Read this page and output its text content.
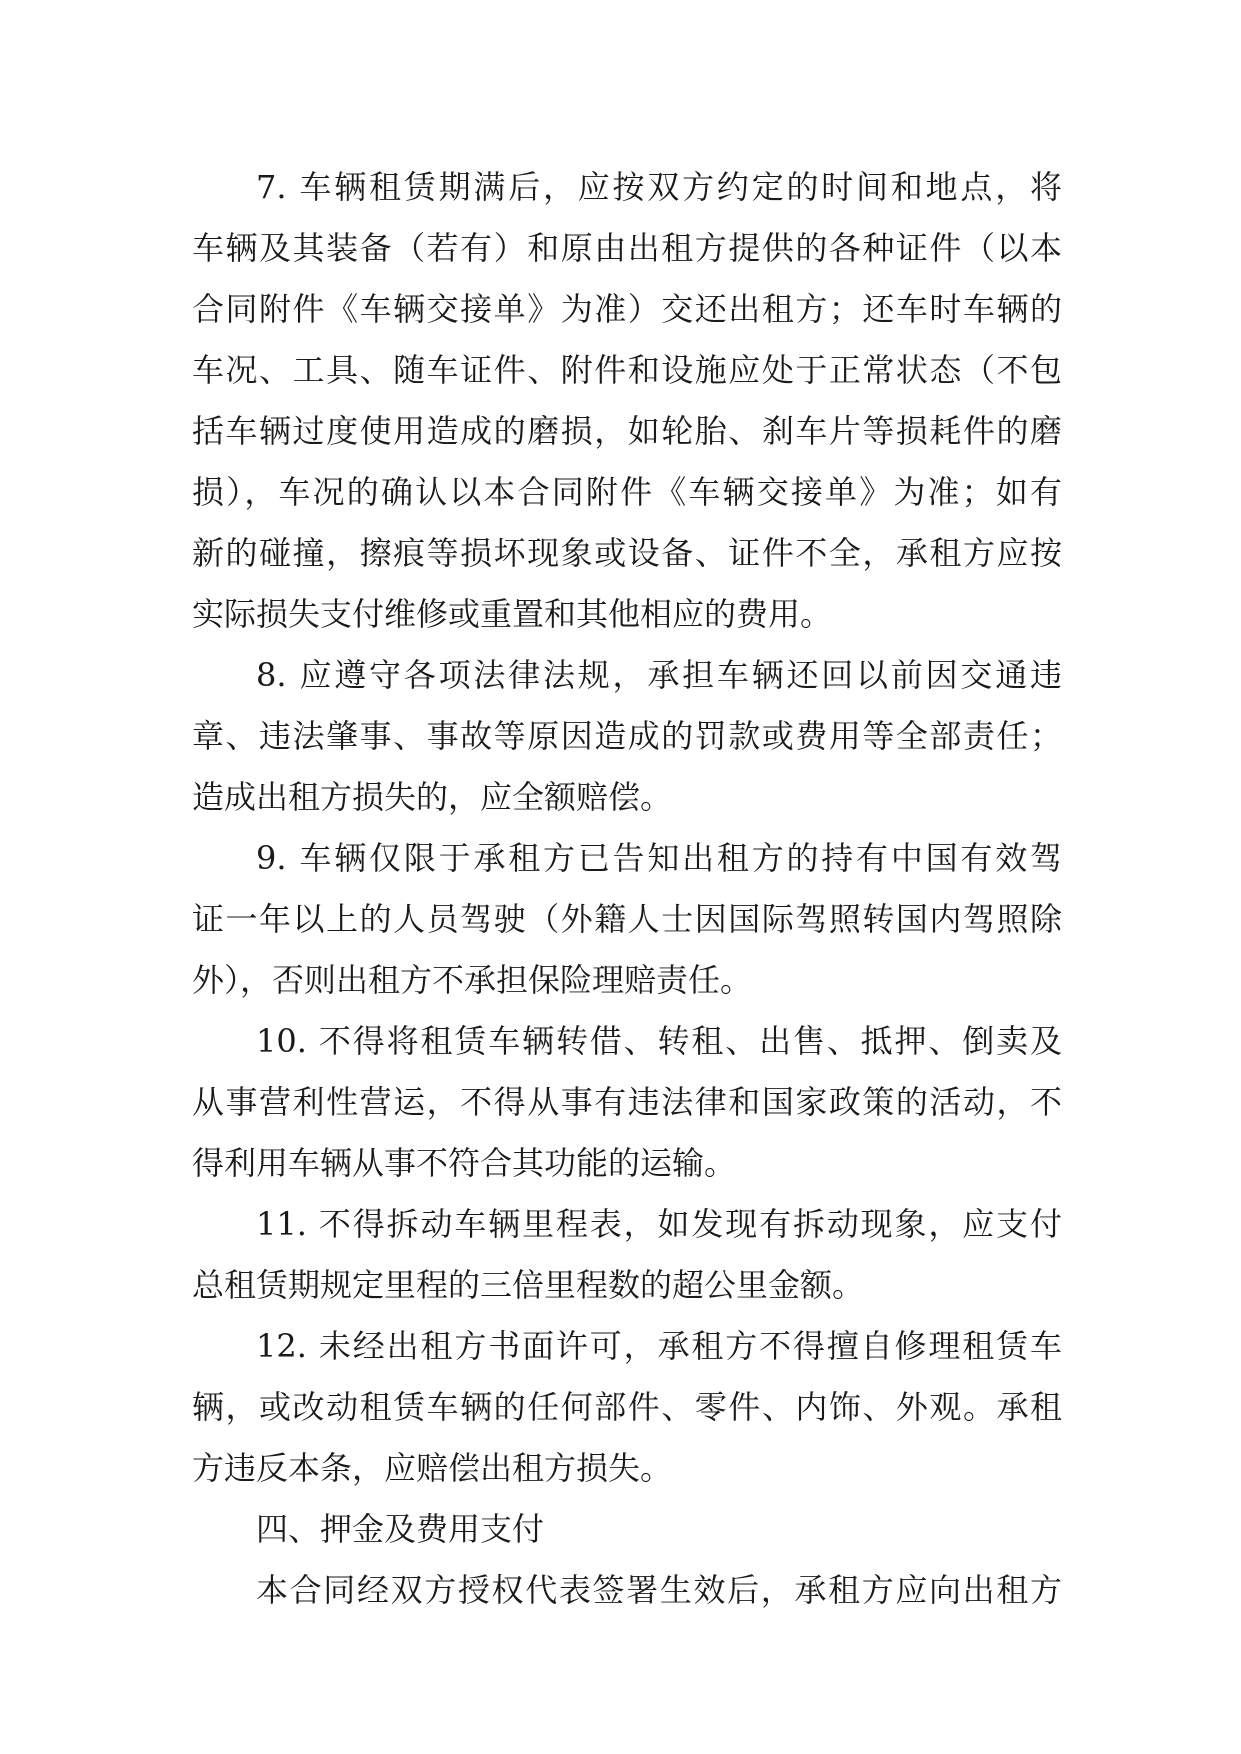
7. 车辆租赁期满后，应按双方约定的时间和地点，将
车辆及其装备（若有）和原由出租方提供的各种证件（以本
合同附件《车辆交接单》为准）交还出租方；还车时车辆的
车况、工具、随车证件、附件和设施应处于正常状态（不包
括车辆过度使用造成的磨损，如轮胎、刹车片等损耗件的磨
损），车况的确认以本合同附件《车辆交接单》为准；如有
新的碰撞，擦痕等损坏现象或设备、证件不全，承租方应按
实际损失支付维修或重置和其他相应的费用。
8. 应遵守各项法律法规，承担车辆还回以前因交通违
章、违法肇事、事故等原因造成的罚款或费用等全部责任；
造成出租方损失的，应全额赔偿。
9. 车辆仅限于承租方已告知出租方的持有中国有效驾
证一年以上的人员驾驶（外籍人士因国际驾照转国内驾照除
外），否则出租方不承担保险理赔责任。
10. 不得将租赁车辆转借、转租、出售、抵押、倒卖及
从事营利性营运，不得从事有违法律和国家政策的活动，不
得利用车辆从事不符合其功能的运输。
11. 不得拆动车辆里程表，如发现有拆动现象，应支付
总租赁期规定里程的三倍里程数的超公里金额。
12. 未经出租方书面许可，承租方不得擅自修理租赁车
辆，或改动租赁车辆的任何部件、零件、内饰、外观。承租
方违反本条，应赔偿出租方损失。
四、押金及费用支付
本合同经双方授权代表签署生效后，承租方应向出租方
